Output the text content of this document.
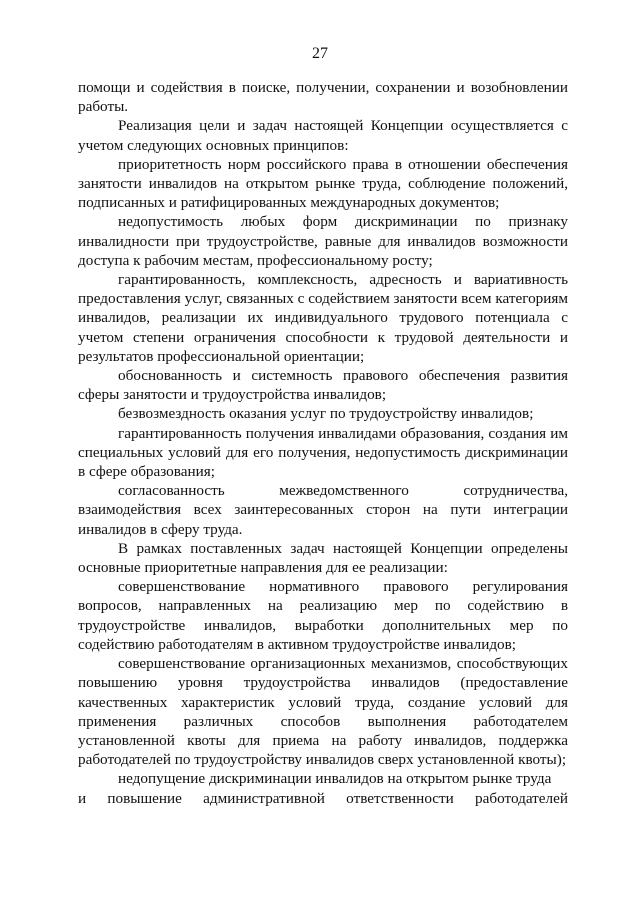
27

помощи и содействия в поиске, получении, сохранении и возобновлении работы.

Реализация цели и задач настоящей Концепции осуществляется с учетом следующих основных принципов:

приоритетность норм российского права в отношении обеспечения занятости инвалидов на открытом рынке труда, соблюдение положений, подписанных и ратифицированных международных документов;

недопустимость любых форм дискриминации по признаку инвалидности при трудоустройстве, равные для инвалидов возможности доступа к рабочим местам, профессиональному росту;

гарантированность, комплексность, адресность и вариативность предоставления услуг, связанных с содействием занятости всем категориям инвалидов, реализации их индивидуального трудового потенциала с учетом степени ограничения способности к трудовой деятельности и результатов профессиональной ориентации;

обоснованность и системность правового обеспечения развития сферы занятости и трудоустройства инвалидов;

безвозмездность оказания услуг по трудоустройству инвалидов;

гарантированность получения инвалидами образования, создания им специальных условий для его получения, недопустимость дискриминации в сфере образования;

согласованность межведомственного сотрудничества, взаимодействия всех заинтересованных сторон на пути интеграции инвалидов в сферу труда.

В рамках поставленных задач настоящей Концепции определены основные приоритетные направления для ее реализации:

совершенствование нормативного правового регулирования вопросов, направленных на реализацию мер по содействию в трудоустройстве инвалидов, выработки дополнительных мер по содействию работодателям в активном трудоустройстве инвалидов;

совершенствование организационных механизмов, способствующих повышению уровня трудоустройства инвалидов (предоставление качественных характеристик условий труда, создание условий для применения различных способов выполнения работодателем установленной квоты для приема на работу инвалидов, поддержка работодателей по трудоустройству инвалидов сверх установленной квоты);

недопущение дискриминации инвалидов на открытом рынке труда
и повышение административной ответственности работодателей
